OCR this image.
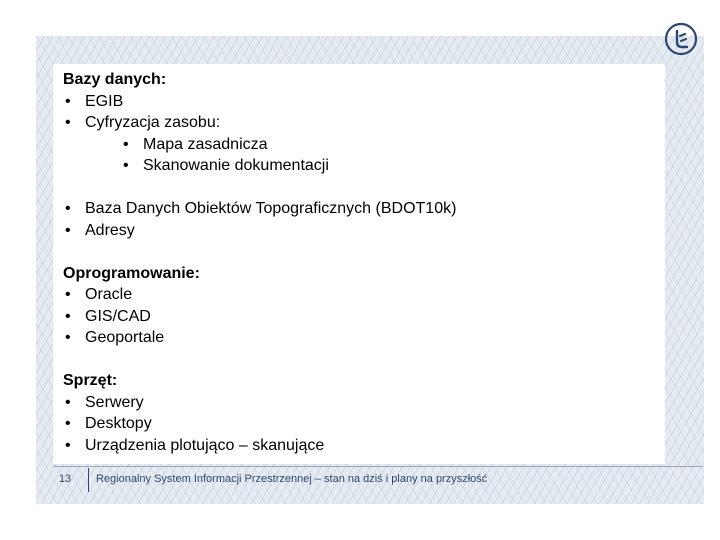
Bazy danych:
• EGIB
• Cyfryzacja zasobu:
• Mapa zasadnicza
• Skanowanie dokumentacji
• Baza Danych Obiektów Topograficznych (BDOT10k)
• Adresy
Oprogramowanie:
• Oracle
• GIS/CAD
• Geoportale
Sprzęt:
• Serwery
• Desktopy
• Urządzenia plotująco – skanujące
13	Regionalny System Informacji Przestrzennej – stan na dziś i plany na przyszłość
